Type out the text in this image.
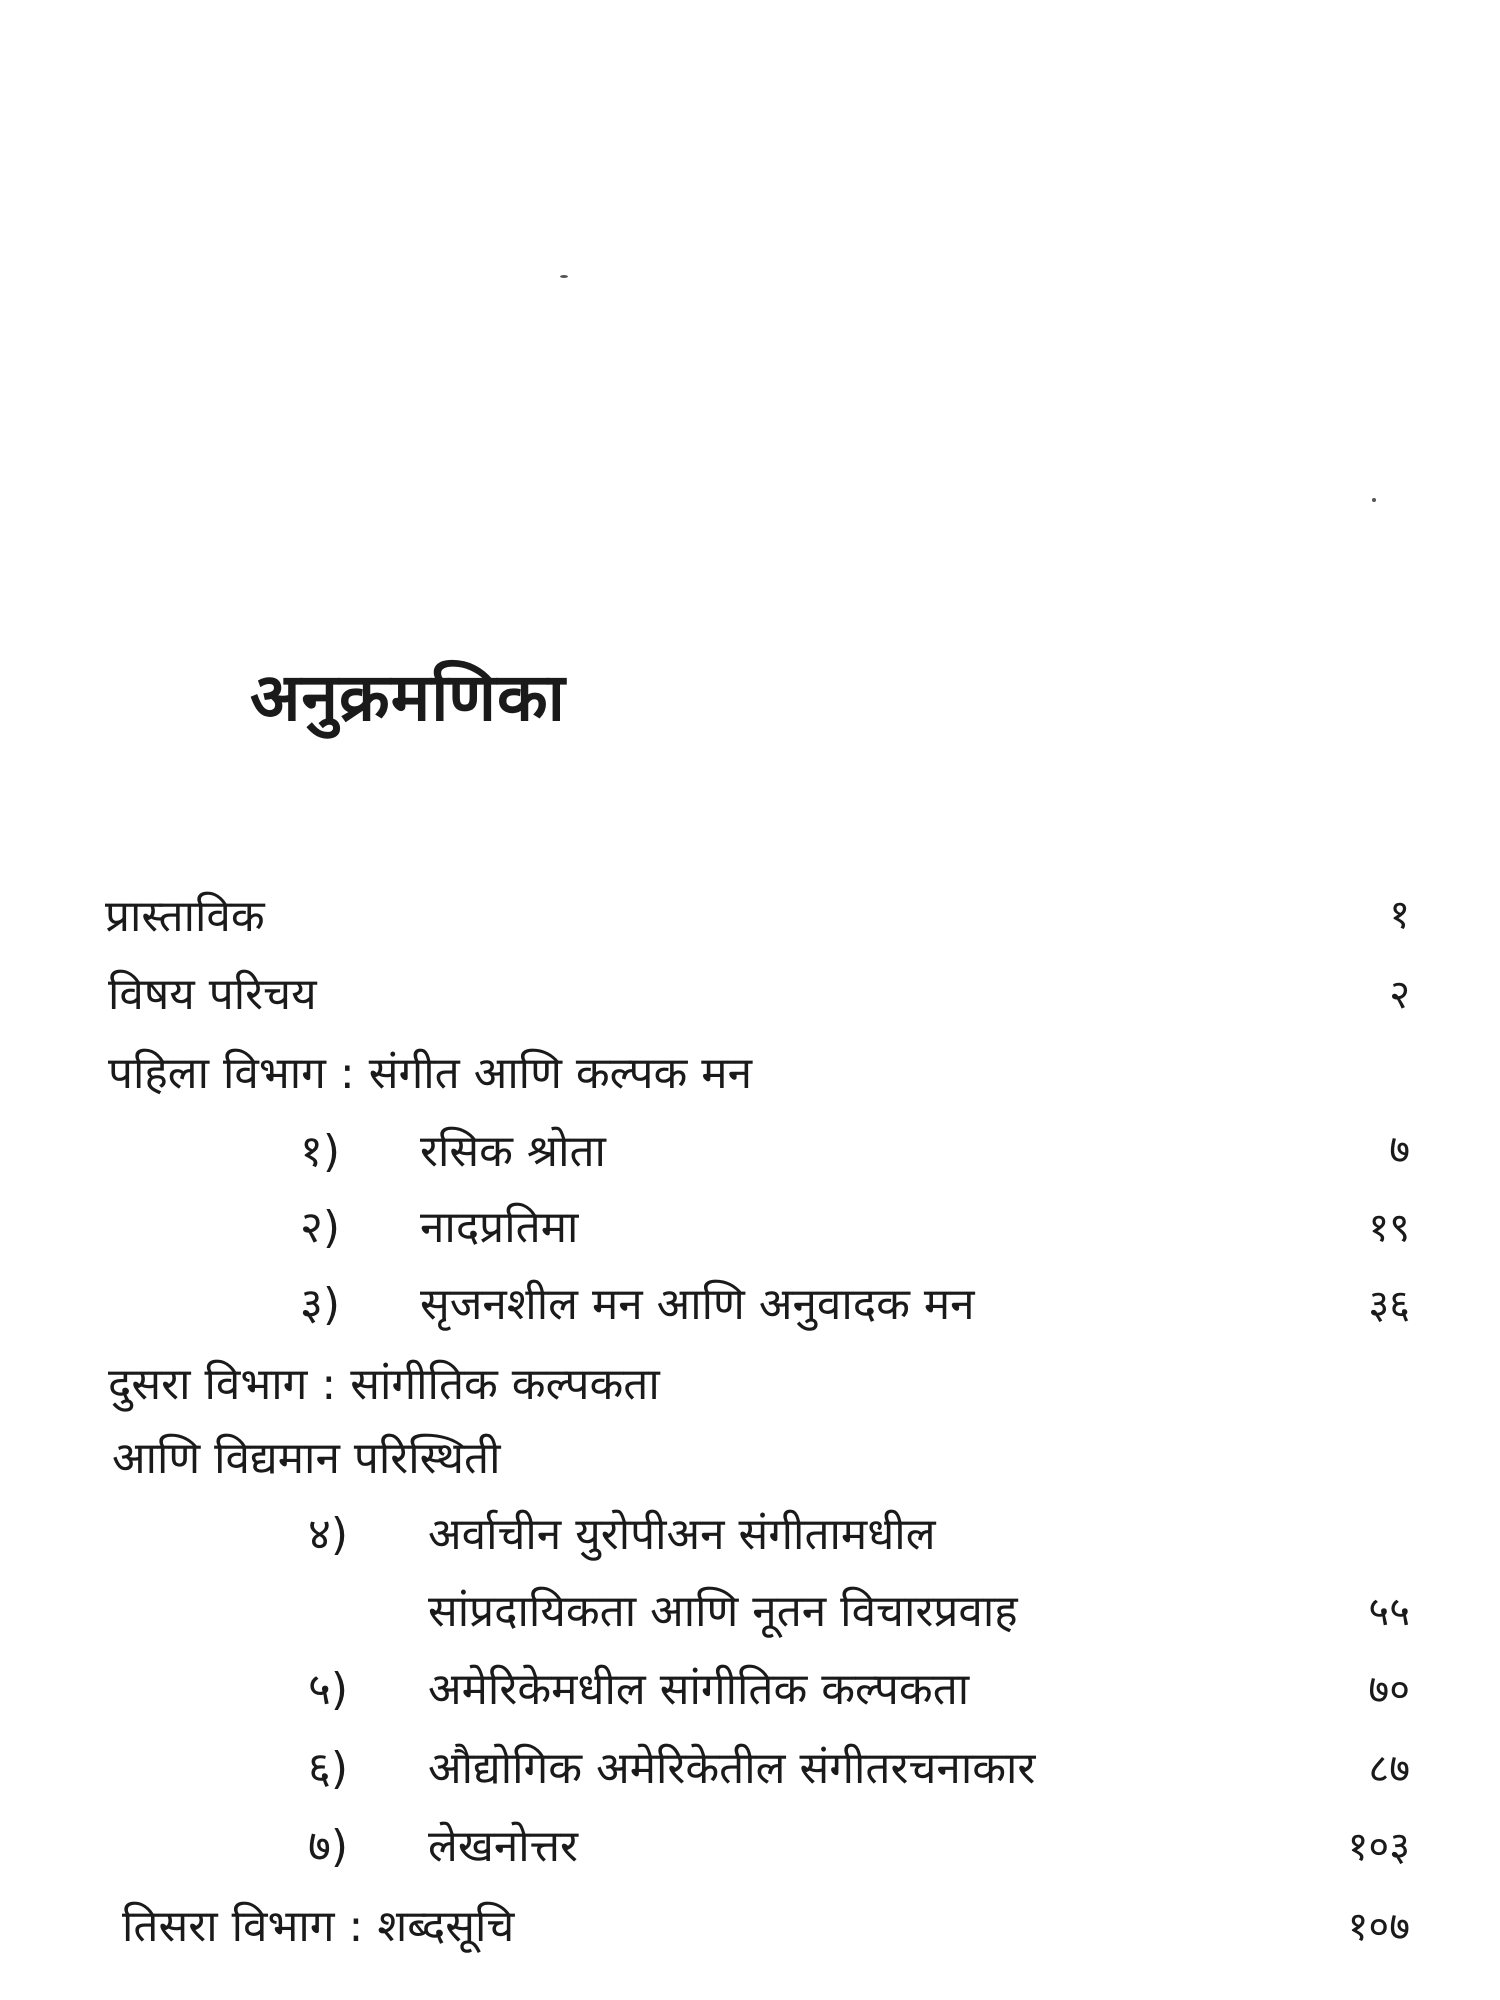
अनुक्रमणिका
प्रास्ताविक	१
विषय परिचय	२
पहिला विभाग : संगीत आणि कल्पक मन
१) रसिक श्रोता	७
२) नादप्रतिमा	१९
३) सृजनशील मन आणि अनुवादक मन	३६
दुसरा विभाग : सांगीतिक कल्पकता
आणि विद्यमान परिस्थिती
४) अर्वाचीन युरोपीअन संगीतामधील
सांप्रदायिकता आणि नूतन विचारप्रवाह	५५
५) अमेरिकेमधील सांगीतिक कल्पकता	७०
६) औद्योगिक अमेरिकेतील संगीतरचनाकार	८७
७) लेखनोत्तर	१०३
तिसरा विभाग : शब्दसूचि	१०७
